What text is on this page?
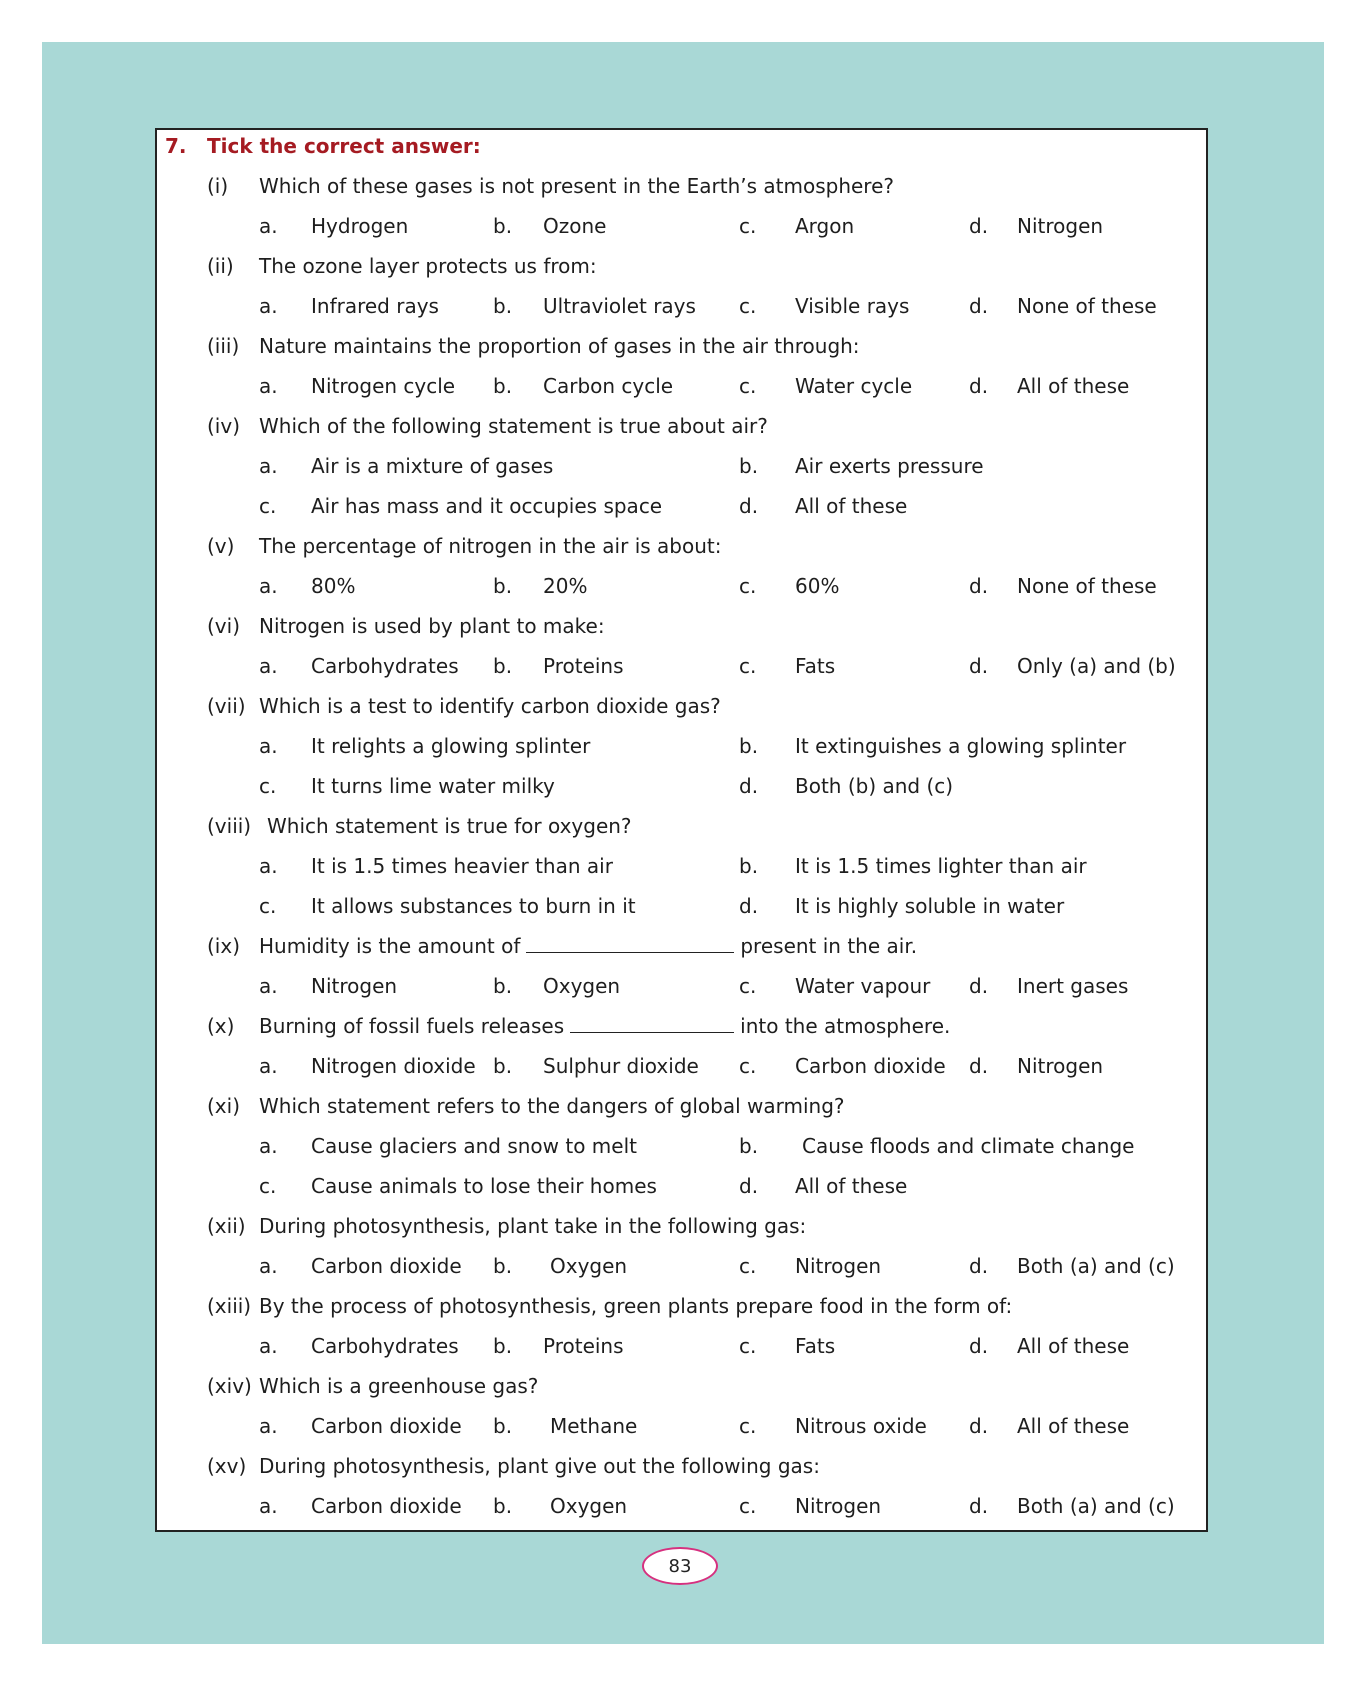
7. Tick the correct answer:
(i) Which of these gases is not present in the Earth’s atmosphere?
a. Hydrogen	b. Ozone	c. Argon	d. Nitrogen
(ii) The ozone layer protects us from:
a. Infrared rays	b. Ultraviolet rays c. Visible rays	d. None of these
(iii) Nature maintains the proportion of gases in the air through:
a. Nitrogen cycle b. Carbon cycle	c. Water cycle	d. All of these
(iv) Which of the following statement is true about air?
a. Air is a mixture of gases	b. Air exerts pressure
c. Air has mass and it occupies space	d. All of these
(v) The percentage of nitrogen in the air is about:
a. 80%	b. 20%	c. 60%	d. None of these
(vi) Nitrogen is used by plant to make:
a. Carbohydrates b. Proteins	c. Fats	d. Only (a) and (b)
(vii) Which is a test to identify carbon dioxide gas?
a. It relights a glowing splinter	b. It extinguishes a glowing splinter
c. It turns lime water milky	d. Both (b) and (c)
(viii) Which statement is true for oxygen?
a. It is 1.5 times heavier than air	b. It is 1.5 times lighter than air
c. It allows substances to burn in it	d. It is highly soluble in water
(ix) Humidity is the amount of	present in the air.
a. Nitrogen	b. Oxygen	c. Water vapour d. Inert gases
(x) Burning of fossil fuels releases	into the atmosphere.
a. Nitrogen dioxide b. Sulphur dioxide c. Carbon dioxide d. Nitrogen
(xi) Which statement refers to the dangers of global warming?
a. Cause glaciers and snow to melt	b. Cause floods and climate change
c. Cause animals to lose their homes	d. All of these
(xii) During photosynthesis, plant take in the following gas:
a. Carbon dioxide b. Oxygen	c. Nitrogen	d. Both (a) and (c)
(xiii) By the process of photosynthesis, green plants prepare food in the form of:
a. Carbohydrates b. Proteins	c. Fats	d. All of these
(xiv) Which is a greenhouse gas?
a. Carbon dioxide b. Methane	c. Nitrous oxide d. All of these
(xv) During photosynthesis, plant give out the following gas:
a. Carbon dioxide b. Oxygen	c. Nitrogen	d. Both (a) and (c)
83
